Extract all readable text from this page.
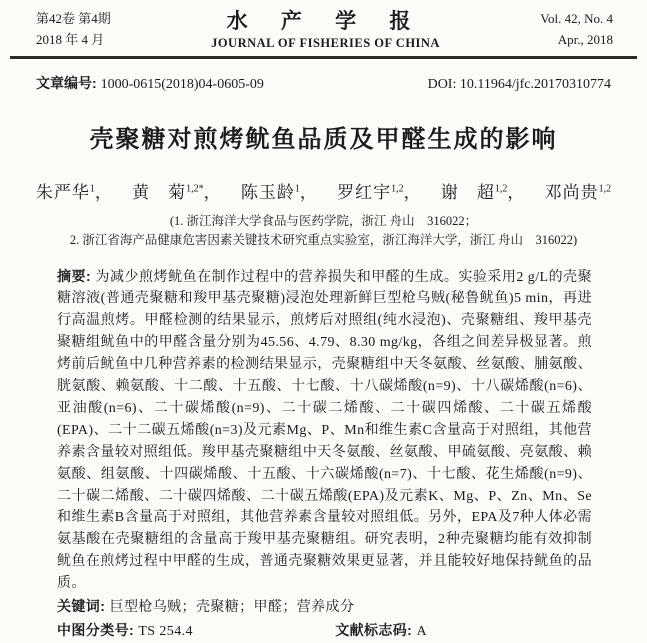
第42卷 第4期
2018 年 4 月
水 产 学 报
JOURNAL OF FISHERIES OF CHINA
Vol. 42, No. 4
Apr., 2018
文章编号: 1000-0615(2018)04-0605-09	DOI: 10.11964/jfc.20170310774
壳聚糖对煎烤鱿鱼品质及甲醛生成的影响
朱严华$^1$， 黄　菊$^{1,2*}$， 陈玉龄$^1$， 罗红宇$^{1,2}$， 谢　超$^{1,2}$， 邓尚贵$^{1,2}$
(1. 浙江海洋大学食品与医药学院，浙江 舟山　316022；
2. 浙江省海产品健康危害因素关键技术研究重点实验室，浙江海洋大学，浙江 舟山　316022)

摘要: 为减少煎烤鱿鱼在制作过程中的营养损失和甲醛的生成。实验采用2 g/L的壳聚糖溶液(普通壳聚糖和羧甲基壳聚糖)浸泡处理新鲜巨型枪乌贼(秘鲁鱿鱼)5 min，再进行高温煎烤。甲醛检测的结果显示，煎烤后对照组(纯水浸泡)、壳聚糖组、羧甲基壳聚糖组鱿鱼中的甲醛含量分别为45.56、4.79、8.30 mg/kg，各组之间差异极显著。煎烤前后鱿鱼中几种营养素的检测结果显示，壳聚糖组中天冬氨酸、丝氨酸、脯氨酸、胱氨酸、赖氨酸、十二酸、十五酸、十七酸、十八碳烯酸(n=9)、十八碳烯酸(n=6)、亚油酸(n=6)、二十碳烯酸(n=9)、二十碳二烯酸、二十碳四烯酸、二十碳五烯酸(EPA)、二十二碳五烯酸(n=3)及元素Mg、P、Mn和维生素C含量高于对照组，其他营养素含量较对照组低。羧甲基壳聚糖组中天冬氨酸、丝氨酸、甲硫氨酸、亮氨酸、赖氨酸、组氨酸、十四碳烯酸、十五酸、十六碳烯酸(n=7)、十七酸、花生烯酸(n=9)、二十碳二烯酸、二十碳四烯酸、二十碳五烯酸(EPA)及元素K、Mg、P、Zn、Mn、Se和维生素B含量高于对照组，其他营养素含量较对照组低。另外，EPA及7种人体必需氨基酸在壳聚糖组的含量高于羧甲基壳聚糖组。研究表明，2种壳聚糖均能有效抑制鱿鱼在煎烤过程中甲醛的生成，普通壳聚糖效果更显著，并且能较好地保持鱿鱼的品质。

关键词: 巨型枪乌贼；壳聚糖；甲醛；营养成分
中图分类号: TS 254.4	文献标志码: A
